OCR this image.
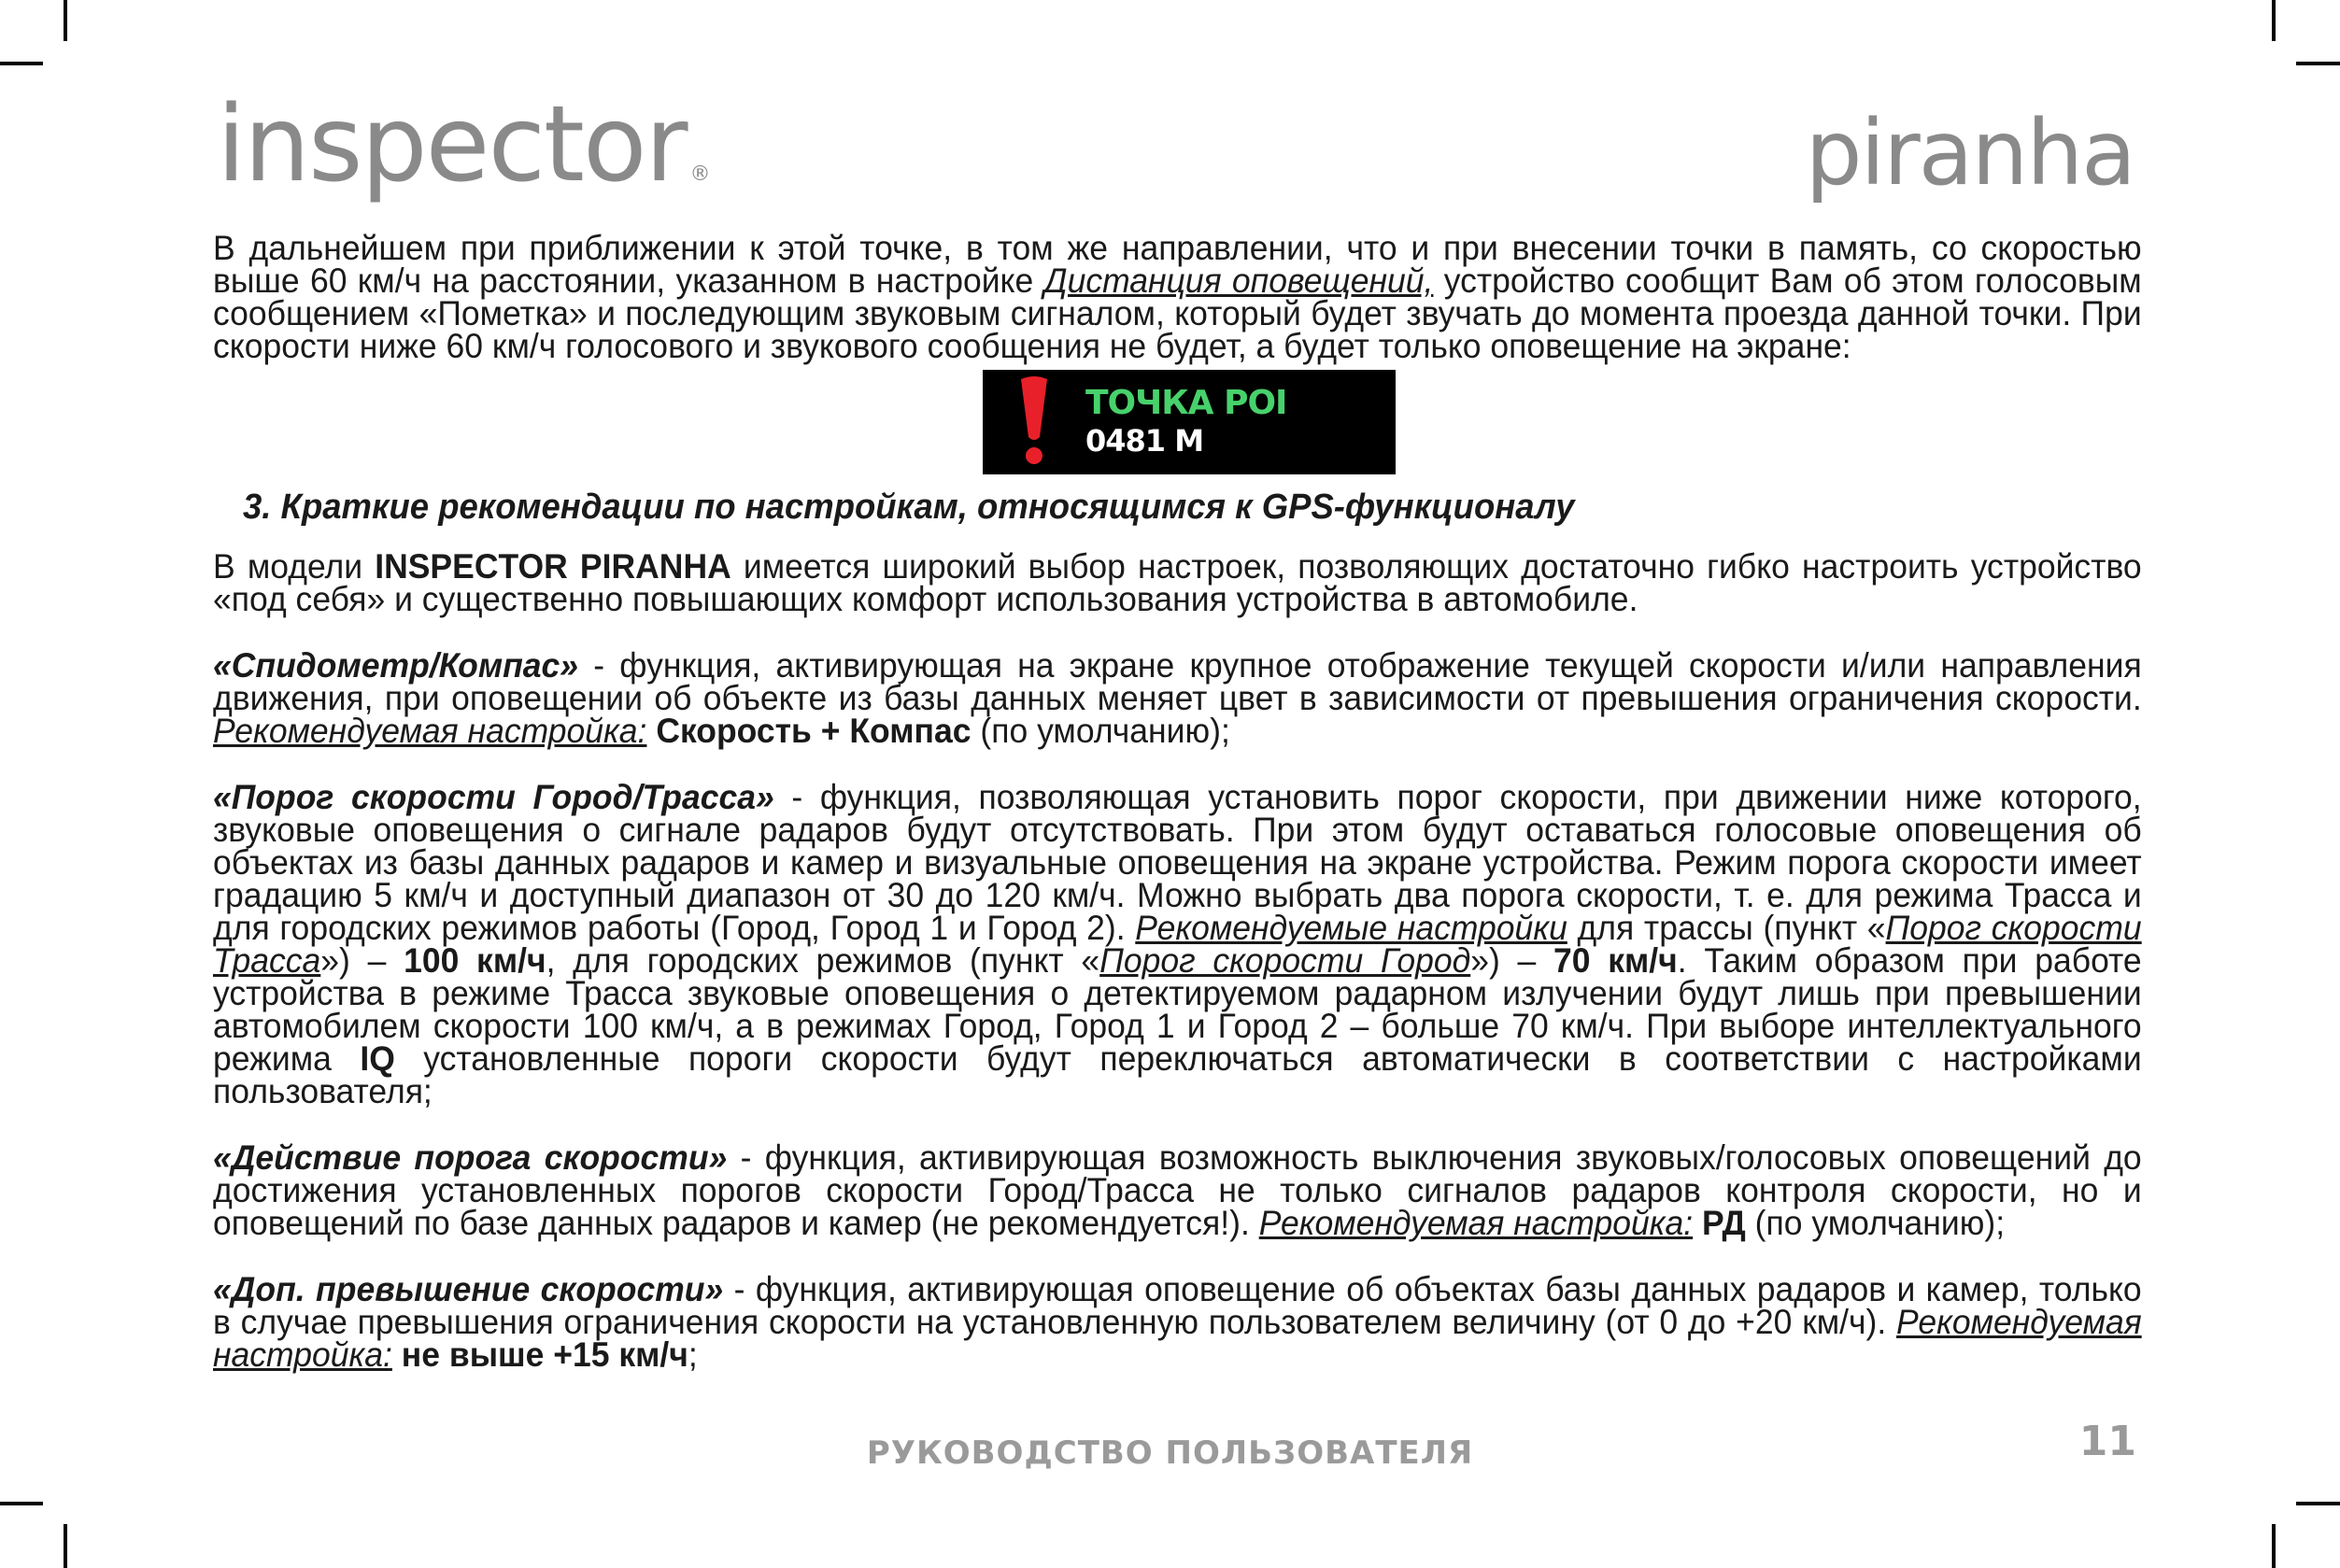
inspector ®	piranha

В дальнейшем при приближении к этой точке, в том же направлении, что и при внесении точки в память, со скоростью выше 60 км/ч на расстоянии, указанном в настройке Дистанция оповещений, устройство сообщит Вам об этом голосовым сообщением «Пометка» и последующим звуковым сигналом, который будет звучать до момента проезда данной точки. При скорости ниже 60 км/ч голосового и звукового сообщения не будет, а будет только оповещение на экране:

ТОЧКА POI
0481 М
3. Краткие рекомендации по настройкам, относящимся к GPS-функционалу

В модели INSPECTOR PIRANHA имеется широкий выбор настроек, позволяющих достаточно гибко настроить устройство «под себя» и существенно повышающих комфорт использования устройства в автомобиле.

«Спидометр/Компас» - функция, активирующая на экране крупное отображение текущей скорости и/или направления движения, при оповещении об объекте из базы данных меняет цвет в зависимости от превышения ограничения скорости. Рекомендуемая настройка: Скорость + Компас (по умолчанию);

«Порог скорости Город/Трасса» - функция, позволяющая установить порог скорости, при движении ниже которого, звуковые оповещения о сигнале радаров будут отсутствовать. При этом будут оставаться голосовые оповещения об объектах из базы данных радаров и камер и визуальные оповещения на экране устройства. Режим порога скорости имеет градацию 5 км/ч и доступный диапазон от 30 до 120 км/ч. Можно выбрать два порога скорости, т. е. для режима Трасса и для городских режимов работы (Город, Город 1 и Город 2). Рекомендуемые настройки для трассы (пункт «Порог скорости Трасса») – 100 км/ч, для городских режимов (пункт «Порог скорости Город») – 70 км/ч. Таким образом при работе устройства в режиме Трасса звуковые оповещения о детектируемом радарном излучении будут лишь при превышении автомобилем скорости 100 км/ч, а в режимах Город, Город 1 и Город 2 – больше 70 км/ч. При выборе интеллектуального режима IQ установленные пороги скорости будут переключаться автоматически в соответствии с настройками пользователя;

«Действие порога скорости» - функция, активирующая возможность выключения звуковых/голосовых оповещений до достижения установленных порогов скорости Город/Трасса не только сигналов радаров контроля скорости, но и оповещений по базе данных радаров и камер (не рекомендуется!). Рекомендуемая настройка: РД (по умолчанию);

«Доп. превышение скорости» - функция, активирующая оповещение об объектах базы данных радаров и камер, только в случае превышения ограничения скорости на установленную пользователем величину (от 0 до +20 км/ч). Рекомендуемая настройка: не выше +15 км/ч;

РУКОВОДСТВО ПОЛЬЗОВАТЕЛЯ	11
